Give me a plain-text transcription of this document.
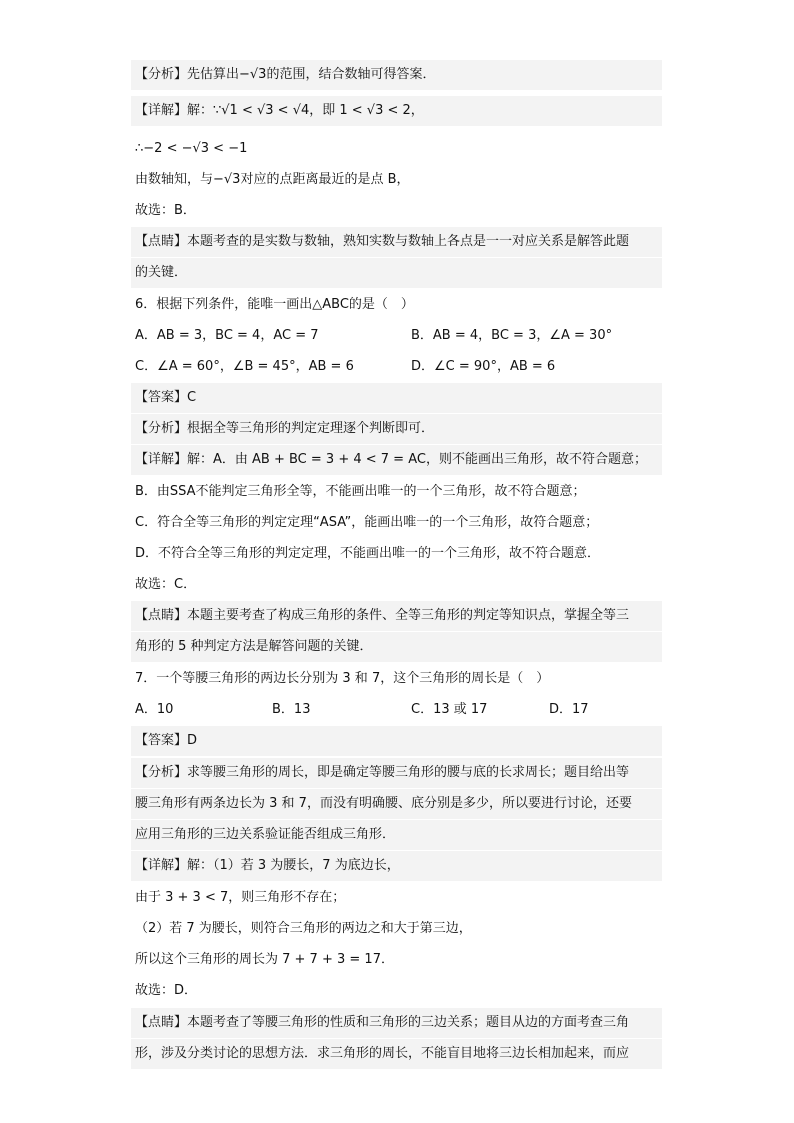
【分析】先估算出−√3的范围，结合数轴可得答案．
【详解】解：∵√1 < √3 < √4，即 1 < √3 < 2，
∴−2 < −√3 < −1
由数轴知，与−√3对应的点距离最近的是点 B，
故选：B．
【点睛】本题考查的是实数与数轴，熟知实数与数轴上各点是一一对应关系是解答此题
的关键．
6．根据下列条件，能唯一画出△ABC的是（　）
A．AB = 3，BC = 4，AC = 7	B．AB = 4，BC = 3，∠A = 30°
C．∠A = 60°，∠B = 45°，AB = 6	D．∠C = 90°，AB = 6
【答案】C
【分析】根据全等三角形的判定定理逐个判断即可．
【详解】解：A．由 AB + BC = 3 + 4 < 7 = AC，则不能画出三角形，故不符合题意；
B．由SSA不能判定三角形全等，不能画出唯一的一个三角形，故不符合题意；
C．符合全等三角形的判定定理“ASA”，能画出唯一的一个三角形，故符合题意；
D．不符合全等三角形的判定定理，不能画出唯一的一个三角形，故不符合题意．
故选：C．
【点睛】本题主要考查了构成三角形的条件、全等三角形的判定等知识点，掌握全等三
角形的 5 种判定方法是解答问题的关键．
7．一个等腰三角形的两边长分别为 3 和 7，这个三角形的周长是（　）
A．10	B．13	C．13 或 17	D．17
【答案】D
【分析】求等腰三角形的周长，即是确定等腰三角形的腰与底的长求周长；题目给出等
腰三角形有两条边长为 3 和 7，而没有明确腰、底分别是多少，所以要进行讨论，还要
应用三角形的三边关系验证能否组成三角形．
【详解】解：（1）若 3 为腰长，7 为底边长，
由于 3 + 3 < 7，则三角形不存在；
（2）若 7 为腰长，则符合三角形的两边之和大于第三边，
所以这个三角形的周长为 7 + 7 + 3 = 17．
故选：D．
【点睛】本题考查了等腰三角形的性质和三角形的三边关系；题目从边的方面考查三角
形，涉及分类讨论的思想方法．求三角形的周长，不能盲目地将三边长相加起来，而应
